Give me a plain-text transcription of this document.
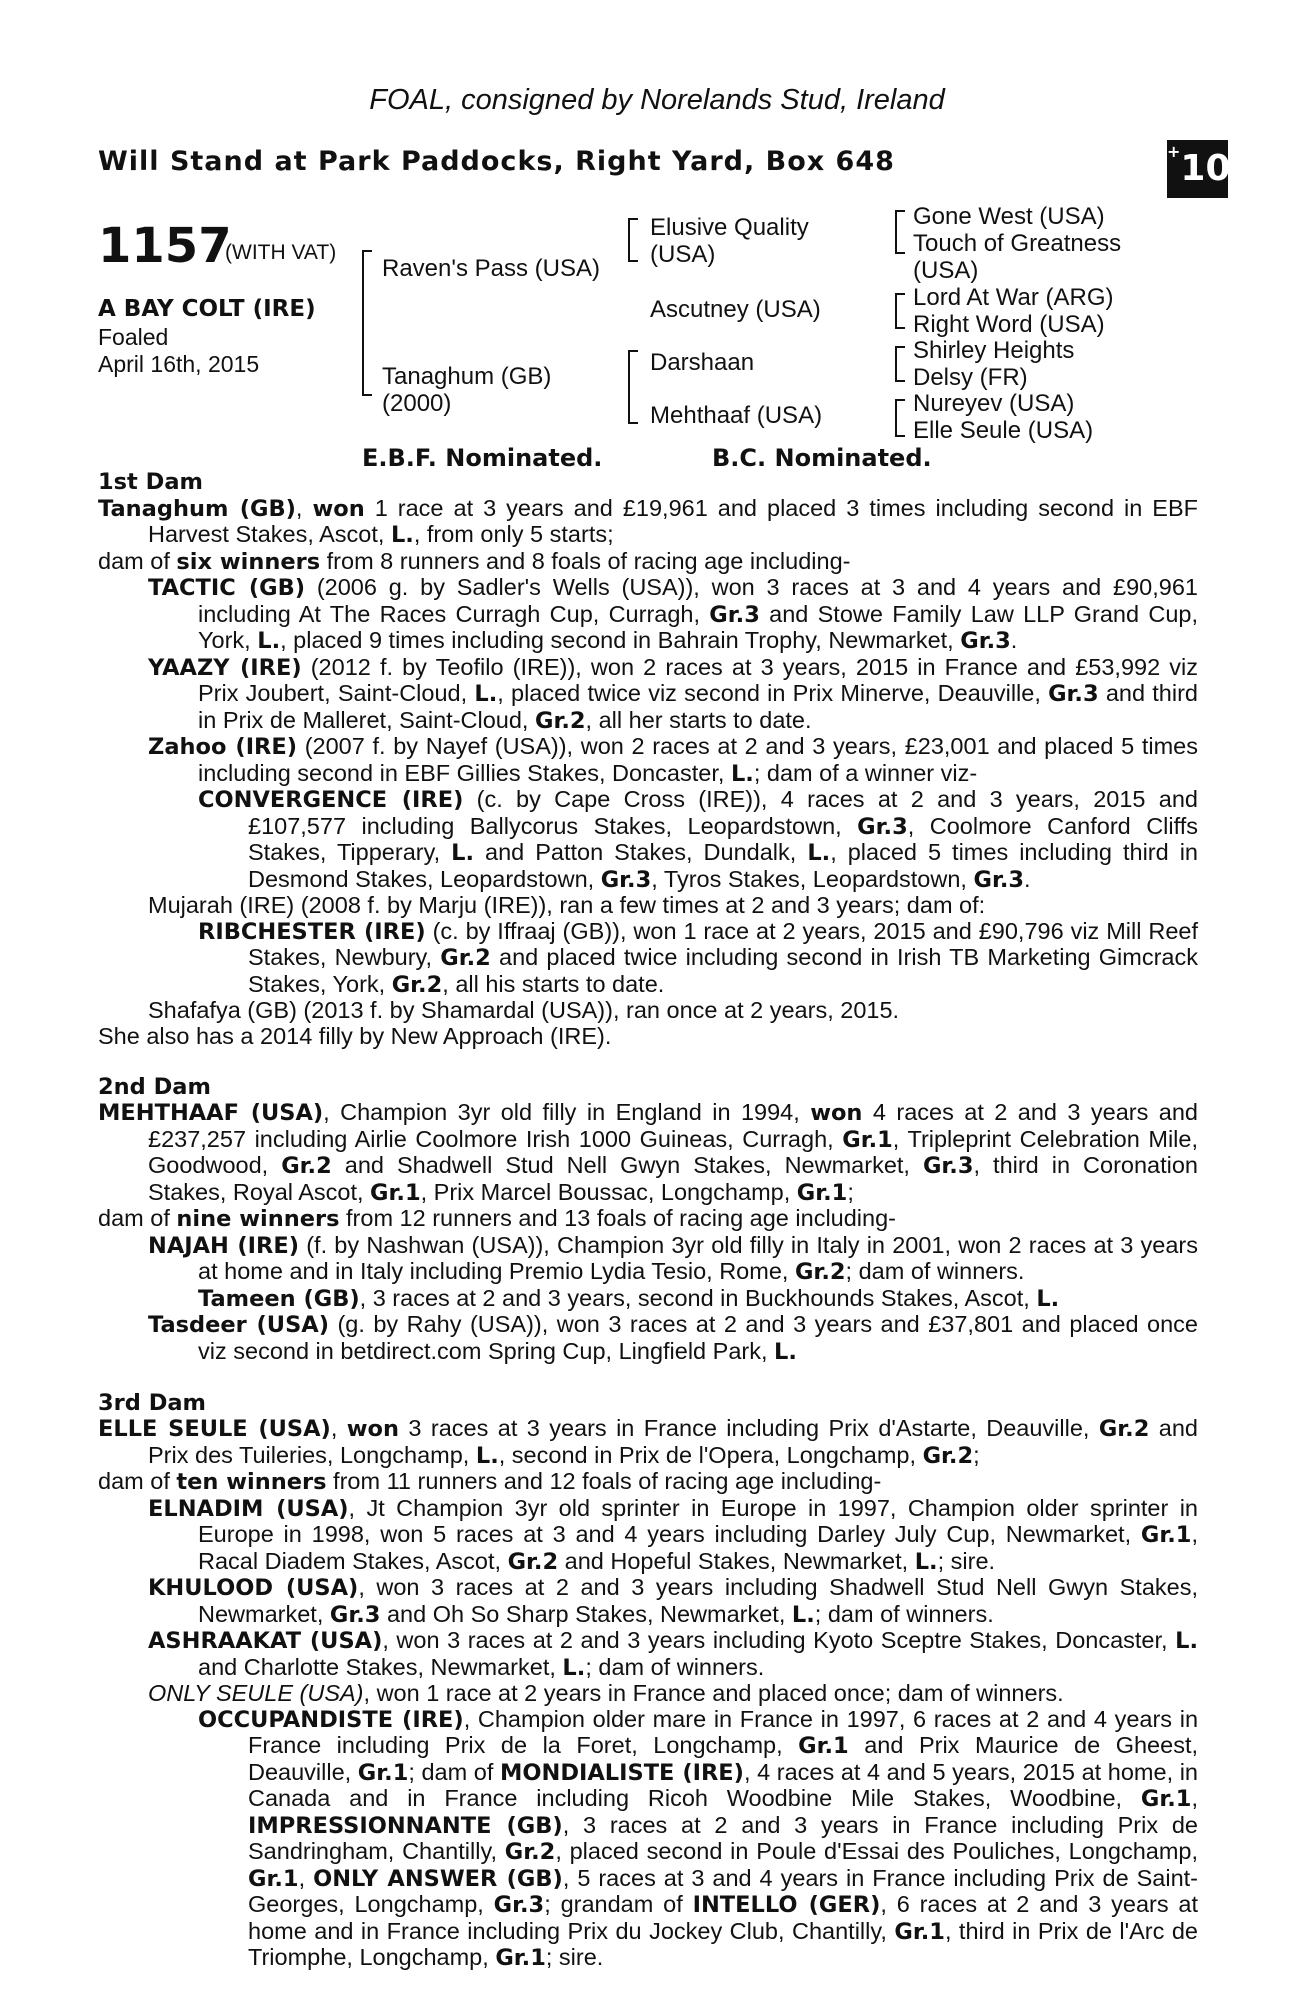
FOAL, consigned by Norelands Stud, Ireland
Will Stand at Park Paddocks, Right Yard, Box 648	+10
1157
(WITH VAT)
A BAY COLT (IRE)
Foaled
April 16th, 2015
Raven's Pass (USA)
Tanaghum (GB) (2000)
Elusive Quality (USA)
Ascutney (USA)
Darshaan
Mehthaaf (USA)
Gone West (USA)
Touch of Greatness (USA)
Lord At War (ARG)
Right Word (USA)
Shirley Heights
Delsy (FR)
Nureyev (USA)
Elle Seule (USA)
E.B.F. Nominated.	B.C. Nominated.

1st Dam

Tanaghum (GB), won 1 race at 3 years and £19,961 and placed 3 times including second in EBF Harvest Stakes, Ascot, L., from only 5 starts;

dam of six winners from 8 runners and 8 foals of racing age including-

TACTIC (GB) (2006 g. by Sadler's Wells (USA)), won 3 races at 3 and 4 years and £90,961 including At The Races Curragh Cup, Curragh, Gr.3 and Stowe Family Law LLP Grand Cup, York, L., placed 9 times including second in Bahrain Trophy, Newmarket, Gr.3.

YAAZY (IRE) (2012 f. by Teofilo (IRE)), won 2 races at 3 years, 2015 in France and £53,992 viz Prix Joubert, Saint-Cloud, L., placed twice viz second in Prix Minerve, Deauville, Gr.3 and third in Prix de Malleret, Saint-Cloud, Gr.2, all her starts to date.

Zahoo (IRE) (2007 f. by Nayef (USA)), won 2 races at 2 and 3 years, £23,001 and placed 5 times including second in EBF Gillies Stakes, Doncaster, L.; dam of a winner viz-

CONVERGENCE (IRE) (c. by Cape Cross (IRE)), 4 races at 2 and 3 years, 2015 and £107,577 including Ballycorus Stakes, Leopardstown, Gr.3, Coolmore Canford Cliffs Stakes, Tipperary, L. and Patton Stakes, Dundalk, L., placed 5 times including third in Desmond Stakes, Leopardstown, Gr.3, Tyros Stakes, Leopardstown, Gr.3.

Mujarah (IRE) (2008 f. by Marju (IRE)), ran a few times at 2 and 3 years; dam of:

RIBCHESTER (IRE) (c. by Iffraaj (GB)), won 1 race at 2 years, 2015 and £90,796 viz Mill Reef Stakes, Newbury, Gr.2 and placed twice including second in Irish TB Marketing Gimcrack Stakes, York, Gr.2, all his starts to date.

Shafafya (GB) (2013 f. by Shamardal (USA)), ran once at 2 years, 2015.

She also has a 2014 filly by New Approach (IRE).

2nd Dam

MEHTHAAF (USA), Champion 3yr old filly in England in 1994, won 4 races at 2 and 3 years and £237,257 including Airlie Coolmore Irish 1000 Guineas, Curragh, Gr.1, Tripleprint Celebration Mile, Goodwood, Gr.2 and Shadwell Stud Nell Gwyn Stakes, Newmarket, Gr.3, third in Coronation Stakes, Royal Ascot, Gr.1, Prix Marcel Boussac, Longchamp, Gr.1;

dam of nine winners from 12 runners and 13 foals of racing age including-

NAJAH (IRE) (f. by Nashwan (USA)), Champion 3yr old filly in Italy in 2001, won 2 races at 3 years at home and in Italy including Premio Lydia Tesio, Rome, Gr.2; dam of winners.

Tameen (GB), 3 races at 2 and 3 years, second in Buckhounds Stakes, Ascot, L.

Tasdeer (USA) (g. by Rahy (USA)), won 3 races at 2 and 3 years and £37,801 and placed once viz second in betdirect.com Spring Cup, Lingfield Park, L.

3rd Dam

ELLE SEULE (USA), won 3 races at 3 years in France including Prix d'Astarte, Deauville, Gr.2 and Prix des Tuileries, Longchamp, L., second in Prix de l'Opera, Longchamp, Gr.2;

dam of ten winners from 11 runners and 12 foals of racing age including-

ELNADIM (USA), Jt Champion 3yr old sprinter in Europe in 1997, Champion older sprinter in Europe in 1998, won 5 races at 3 and 4 years including Darley July Cup, Newmarket, Gr.1, Racal Diadem Stakes, Ascot, Gr.2 and Hopeful Stakes, Newmarket, L.; sire.

KHULOOD (USA), won 3 races at 2 and 3 years including Shadwell Stud Nell Gwyn Stakes, Newmarket, Gr.3 and Oh So Sharp Stakes, Newmarket, L.; dam of winners.

ASHRAAKAT (USA), won 3 races at 2 and 3 years including Kyoto Sceptre Stakes, Doncaster, L. and Charlotte Stakes, Newmarket, L.; dam of winners.

ONLY SEULE (USA), won 1 race at 2 years in France and placed once; dam of winners.

OCCUPANDISTE (IRE), Champion older mare in France in 1997, 6 races at 2 and 4 years in France including Prix de la Foret, Longchamp, Gr.1 and Prix Maurice de Gheest, Deauville, Gr.1; dam of MONDIALISTE (IRE), 4 races at 4 and 5 years, 2015 at home, in Canada and in France including Ricoh Woodbine Mile Stakes, Woodbine, Gr.1, IMPRESSIONNANTE (GB), 3 races at 2 and 3 years in France including Prix de Sandringham, Chantilly, Gr.2, placed second in Poule d'Essai des Pouliches, Longchamp, Gr.1, ONLY ANSWER (GB), 5 races at 3 and 4 years in France including Prix de Saint-Georges, Longchamp, Gr.3; grandam of INTELLO (GER), 6 races at 2 and 3 years at home and in France including Prix du Jockey Club, Chantilly, Gr.1, third in Prix de l'Arc de Triomphe, Longchamp, Gr.1; sire.
